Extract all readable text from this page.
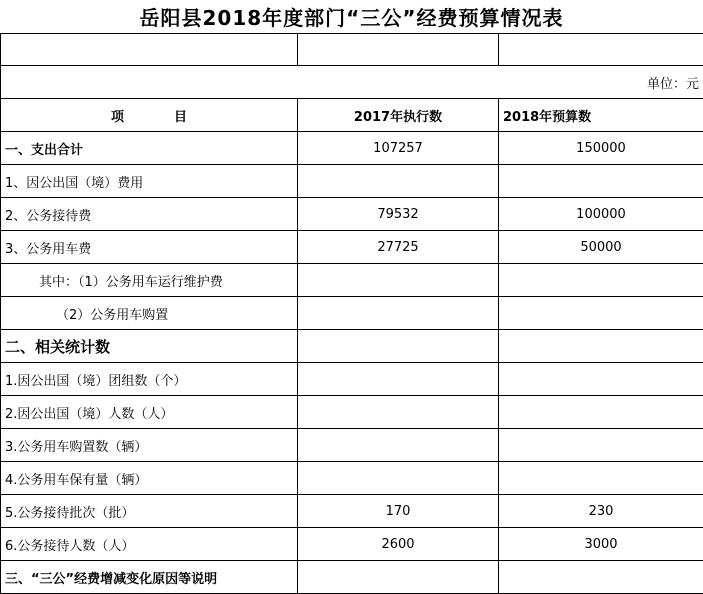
岳阳县2018年度部门“三公”经费预算情况表

单位：元		
项 目	2017年执行数	2018年预算数
一、支出合计	107257	150000
1、因公出国（境）费用		
2、公务接待费	79532	100000
3、公务用车费	27725	50000
其中：（1）公务用车运行维护费		
（2）公务用车购置		
二、相关统计数		
1.因公出国（境）团组数（个）		
2.因公出国（境）人数（人）		
3.公务用车购置数（辆）		
4.公务用车保有量（辆）		
5.公务接待批次（批）	170	230
6.公务接待人数（人）	2600	3000
三、“三公”经费增减变化原因等说明		
